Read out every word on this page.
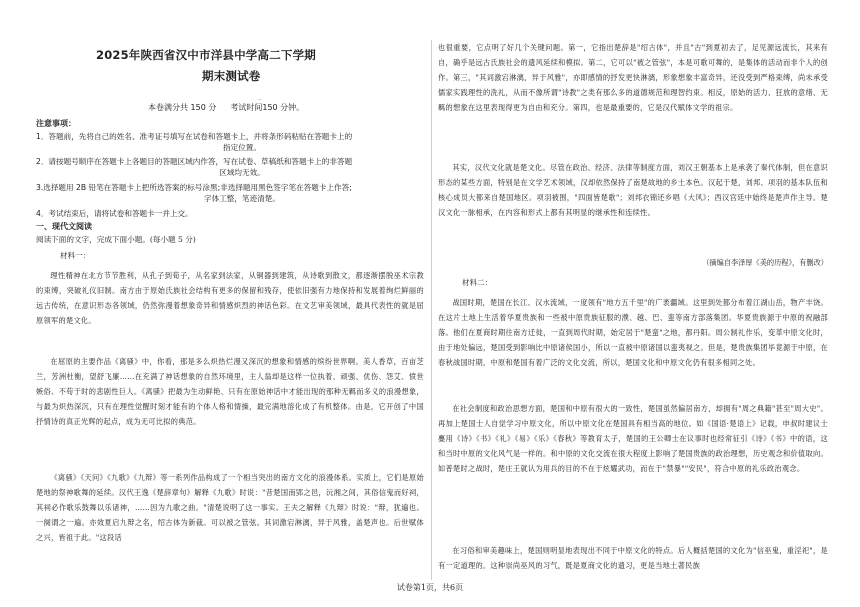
2025年陕西省汉中市洋县中学高二下学期
期末测试卷
_
本卷满分共 150 分 考试时间150 分钟。
注意事项：
1．答题前，先将自己的姓名、准考证号填写在试卷和答题卡上，并将条形码粘贴在答题卡上的
指定位置。
2．请按题号顺序在答题卡上各题目的答题区域内作答，写在试卷、草稿纸和答题卡上的非答题
区域均无效。
3.选择题用 2B 铅笔在答题卡上把所选答案的标号涂黑;非选择题用黑色签字笔在答题卡上作答;
字体工整，笔迹清楚。
4．考试结束后，请将试卷和答题卡一并上交。
一、现代文阅读
阅读下面的文字，完成下面小题。(每小题 5 分)
材料一：
理性精神在北方节节胜利，从孔子到荀子，从名家到法家，从铜器到建筑，从诗歌到散文，都逐渐摆脱巫术宗教的束缚，突破礼仪旧制。南方由于原始氏族社会结构有更多的保留和残存，使依旧强有力地保持和发展着绚烂鲜丽的远古传统，在意识形态各领域，仍然弥漫着想象奇异和情感炽烈的神话色彩。在文艺审美领域，最具代表性的就是屈原领军的楚文化。
在屈原的主要作品《离骚》中，你看，那是多么炽热烂漫又深沉的想象和情感的缤纷世界啊。美人香草，百亩芝兰，芳洲杜衡，望舒飞廉……在充满了神话想象的自然环境里，主人翁却是这样一位执着、顽强、优伤、怨艾、愤世嫉俗、不苟于时的悲剧性巨人。《离骚》把最为生动鲜艳、只有在原始神话中才能出现的那种无羁而多义的浪漫想象，与最为炽热深沉，只有在理性觉醒时刻才能有的个体人格和情操，最完满地溶化成了有机整体。由是，它开创了中国抒情诗的真正光辉的起点，成为无可比拟的典范。
《离骚》《天问》《九歌》《九辩》等一系列作品构成了一个相当突出的南方文化的浪漫体系。实质上，它们是原始楚地的祭神歌舞的延续。汉代王逸《楚辞章句》解释《九歌》时说："昔楚国南郢之邑，沅湘之间，其俗信鬼而好祠，其祠必作歌乐鼓舞以乐诸神，……因为九歌之曲。"清楚说明了这一事实。王夫之解释《九辩》时说："辩，犹遍也。一阕谓之一遍。亦效夏启九辩之名，绍古体为新裁。可以被之管弦。其词激宕淋漓，异于风雅，盖楚声也。后世赋体之兴，皆祖于此。"这段话
也很重要，它点明了好几个关键问题。第一，它指出楚辞是"绍古体"，并且"古"到夏初去了，足见源远流长，其来有自，确乎是远古氏族社会的遗风延续和模拟。第二，它可以"被之管弦"，本是可歌可舞的，是集体的活动而非个人的创作。第三，"其词激宕淋漓，异于风雅"，亦即感情的抒发更快淋漓，形象想象丰富奇异，还没受到严格束缚，尚未承受儒家实践理性的洗礼，从而不像所谓"诗教"之类有那么多的道德规范和理智约束。相反，原始的活力、狂放的意绪、无羁的想象在这里表现得更为自由和充分。第四，也是最重要的，它是汉代赋体文学的祖宗。
其实，汉代文化就是楚文化。尽管在政治、经济、法律等制度方面，刘汉王朝基本上是承袭了秦代体制，但在意识形态的某些方面，特别是在文学艺术领域，汉却依然保持了南楚故地的乡土本色。汉起于楚，刘邦、项羽的基本队伍和核心成员大都来自楚国地区。项羽被围，"四面皆楚歌"；刘邦衣锦还乡唱《大风》；西汉宫廷中始终是楚声作主导。楚汉文化一脉相承，在内容和形式上都有其明显的继承性和连续性。
（摘编自李泽厚《美的历程》，有删改）
材料二：
战国时期，楚国在长江、汉水流域，一度领有"地方五千里"的广袤疆域。这里到处都分布着江湖山岳，物产丰饶。在这片土地上生活着华夏贵族和一些被中原贵族征服的濮、越、巴、蛮等南方部落集团。华夏贵族源于中原的祝融部落。他们在夏商时期往南方迁徙，一直到周代时期，始定居于"楚蛮"之地，都丹阳。周公制礼作乐，变革中原文化时，由于地处偏远，楚国受到影响比中原诸侯国小，所以一直被中原诸国以蛮夷视之。但是，楚贵族集团毕竟源于中原，在春秋战国时期，中原和楚国有着广泛的文化交流，所以，楚国文化和中原文化仍有很多相同之处。
在社会制度和政治思想方面，楚国和中原有很大的一致性，楚国虽然偏居南方，却拥有"周之典籍"甚至"周大史"。再加上楚国士人自觉学习中原文化，所以中原文化在楚国具有相当高的地位。如《国语·楚语上》记载，申叔时建议士亹用《诗》《书》《礼》《易》《乐》《春秋》等教育太子，楚国的王公卿士在议事时也经常征引《诗》《书》中的语，这和当时中原的文化风气是一样的。和中原的文化交流在很大程度上影响了楚国贵族的政治理想，历史观念和价值取向。如普楚时之战时，楚庄王就认为用兵的目的不在于炫耀武功，而在于"禁暴""安民"，符合中原的礼乐政治观念。
在习俗和审美趣味上，楚国则明显地表现出不同于中原文化的特点。后人概括楚国的文化为"信巫鬼，重淫祀"，是有一定道理的。这种崇尚巫风的习气，既是夏商文化的遗习，更是当地土著民族
试卷第1页，共6页
